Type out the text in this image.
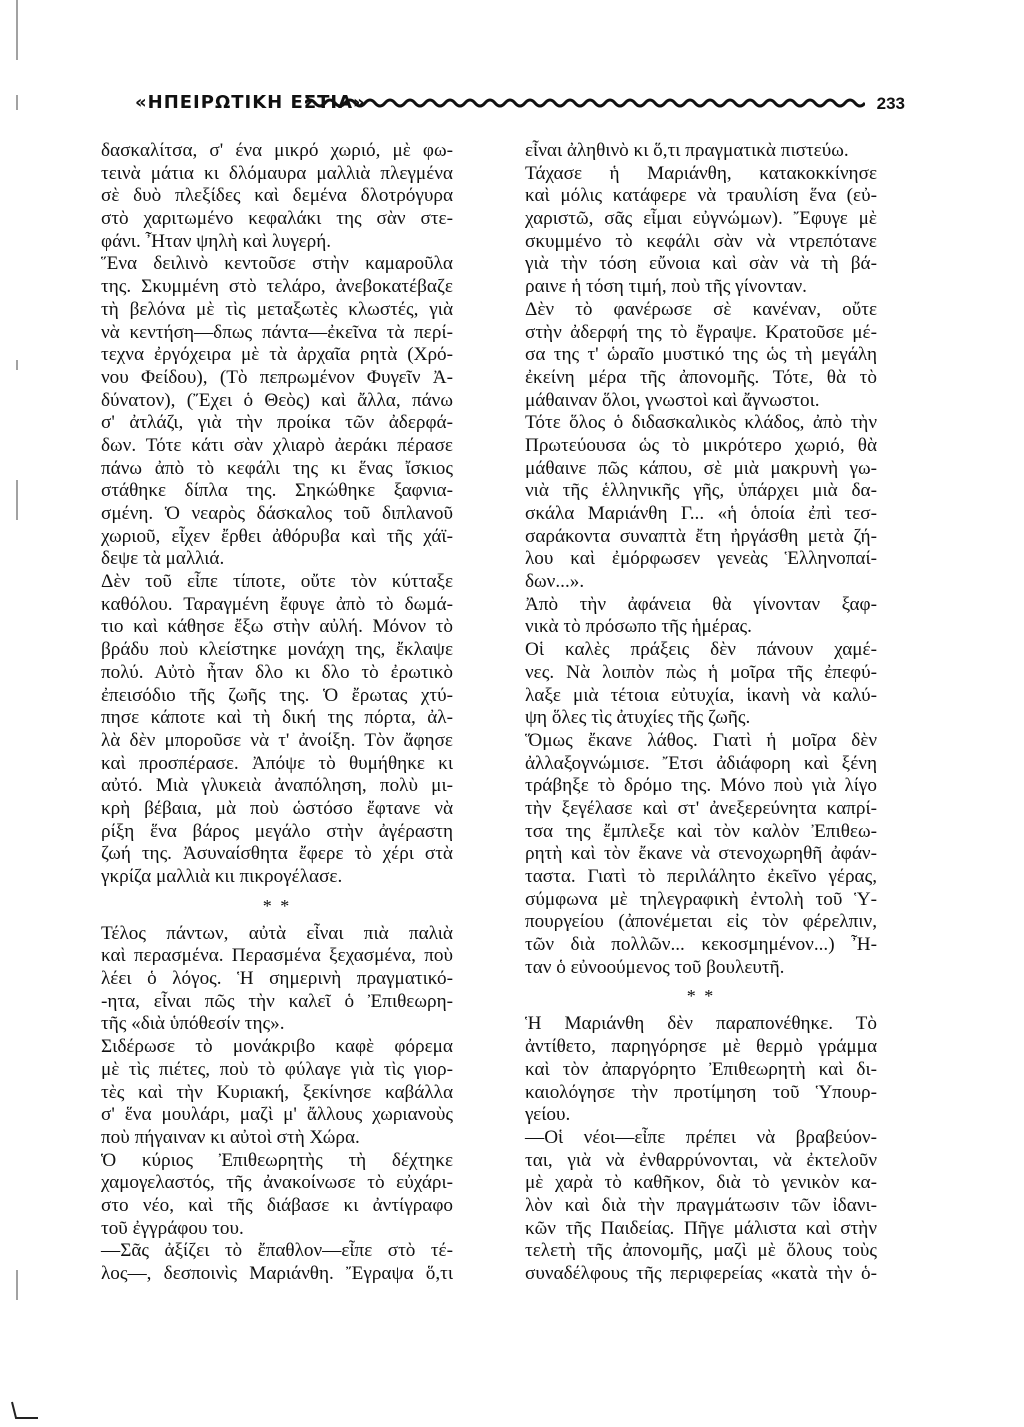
«ΗΠΕΙΡΩΤΙΚΗ ΕΣΤΙΑ»	233
δασκαλίτσα, σ' ένα μικρό χωριό, μὲ φω-
τεινὰ μάτια κι δλόμαυρα μαλλιὰ πλεγμένα
σὲ δυὸ πλεξίδες καὶ δεμένα δλοτρόγυρα
στὸ χαριτωμένο κεφαλάκι της σὰν στε-
φάνι. Ἦταν ψηλὴ καὶ λυγερή.
Ἕνα δειλινὸ κεντοῦσε στὴν καμαροῦλα
της. Σκυμμένη στὸ τελάρο, ἀνεβοκατέβαζε
τὴ βελόνα μὲ τὶς μεταξωτὲς κλωστές, γιὰ
νὰ κεντήση—δπως πάντα—ἐκεῖνα τὰ περί-
τεχνα ἐργόχειρα μὲ τὰ ἀρχαῖα ρητὰ (Χρό-
νου Φείδου), (Τὸ πεπρωμένον Φυγεῖν Ἀ-
δύνατον), (Ἔχει ὁ Θεὸς) καὶ ἄλλα, πάνω
σ' ἀτλάζι, γιὰ τὴν προίκα τῶν ἀδερφά-
δων. Τότε κάτι σὰν χλιαρὸ ἀεράκι πέρασε
πάνω ἀπὸ τὸ κεφάλι της κι ἕνας ἴσκιος
στάθηκε δίπλα της. Σηκώθηκε ξαφνια-
σμένη. Ὁ νεαρὸς δάσκαλος τοῦ διπλανοῦ
χωριοῦ, εἶχεν ἔρθει ἀθόρυβα καὶ τῆς χάϊ-
δεψε τὰ μαλλιά.
Δὲν τοῦ εἶπε τίποτε, οὔτε τὸν κύτταξε
καθόλου. Ταραγμένη ἔφυγε ἀπὸ τὸ δωμά-
τιο καὶ κάθησε ἔξω στὴν αὐλή. Μόνον τὸ
βράδυ ποὺ κλείστηκε μονάχη της, ἔκλαψε
πολύ. Αὐτὸ ἦταν δλο κι δλο τὸ ἐρωτικὸ
ἐπεισόδιο τῆς ζωῆς της. Ὁ ἔρωτας χτύ-
πησε κάποτε καὶ τὴ δική της πόρτα, ἀλ-
λὰ δὲν μποροῦσε νὰ τ' ἀνοίξη. Τὸν ἄφησε
καὶ προσπέρασε. Ἀπόψε τὸ θυμήθηκε κι
αὐτό. Μιὰ γλυκειὰ ἀναπόληση, πολὺ μι-
κρὴ βέβαια, μὰ ποὺ ὡστόσο ἔφτανε νὰ
ρίξη ἕνα βάρος μεγάλο στὴν ἀγέραστη
ζωή της. Ἀσυναίσθητα ἔφερε τὸ χέρι στὰ
γκρίζα μαλλιὰ κιι πικρογέλασε.
* *
Τέλος πάντων, αὐτὰ εἶναι πιὰ παλιὰ
καὶ περασμένα. Περασμένα ξεχασμένα, ποὺ
λέει ὁ λόγος. Ἡ σημερινὴ πραγματικό-
-ητα, εἶναι πῶς τὴν καλεῖ ὁ Ἐπιθεωρη-
τῆς «διὰ ὑπόθεσίν της».
Σιδέρωσε τὸ μονάκριβο καφὲ φόρεμα
μὲ τὶς πιέτες, ποὺ τὸ φύλαγε γιὰ τὶς γιορ-
τὲς καὶ τὴν Κυριακή, ξεκίνησε καβάλλα
σ' ἕνα μουλάρι, μαζὶ μ' ἄλλους χωριανοὺς
ποὺ πήγαιναν κι αὐτοὶ στὴ Χώρα.
Ὁ κύριος Ἐπιθεωρητὴς τὴ δέχτηκε
χαμογελαστός, τῆς ἀνακοίνωσε τὸ εὐχάρι-
στο νέο, καὶ τῆς διάβασε κι ἀντίγραφο
τοῦ ἐγγράφου του.
—Σᾶς ἀξίζει τὸ ἔπαθλον—εἶπε στὸ τέ-
λος—, δεσποινὶς Μαριάνθη. Ἔγραψα ὅ,τι
εἶναι ἀληθινὸ κι ὅ,τι πραγματικὰ πιστεύω.
Τάχασε ἡ Μαριάνθη, κατακοκκίνησε
καὶ μόλις κατάφερε νὰ τραυλίση ἕνα (εὐ-
χαριστῶ, σᾶς εἶμαι εὐγνώμων). Ἔφυγε μὲ
σκυμμένο τὸ κεφάλι σὰν νὰ ντρεπότανε
γιὰ τὴν τόση εὔνοια καὶ σὰν νὰ τὴ βά-
ραινε ἡ τόση τιμή, ποὺ τῆς γίνονταν.
Δὲν τὸ φανέρωσε σὲ κανέναν, οὔτε
στὴν ἀδερφή της τὸ ἔγραψε. Κρατοῦσε μέ-
σα της τ' ὡραῖο μυστικό της ὡς τὴ μεγάλη
ἐκείνη μέρα τῆς ἀπονομῆς. Τότε, θὰ τὸ
μάθαιναν ὅλοι, γνωστοὶ καὶ ἄγνωστοι.
Τότε ὅλος ὁ διδασκαλικὸς κλάδος, ἀπὸ τὴν
Πρωτεύουσα ὡς τὸ μικρότερο χωριό, θὰ
μάθαινε πῶς κάπου, σὲ μιὰ μακρυνὴ γω-
νιὰ τῆς ἑλληνικῆς γῆς, ὑπάρχει μιὰ δα-
σκάλα Μαριάνθη Γ... «ἡ ὁποία ἐπὶ τεσ-
σαράκοντα συναπτὰ ἔτη ἠργάσθη μετὰ ζή-
λου καὶ ἐμόρφωσεν γενεὰς Ἑλληνοπαί-
δων...».
Ἀπὸ τὴν ἀφάνεια θὰ γίνονταν ξαφ-
νικὰ τὸ πρόσωπο τῆς ἡμέρας.
Οἱ καλὲς πράξεις δὲν πάνουν χαμέ-
νες. Νὰ λοιπὸν πὼς ἡ μοῖρα τῆς ἐπεφύ-
λαξε μιὰ τέτοια εὐτυχία, ἱκανὴ νὰ καλύ-
ψη ὅλες τὶς ἀτυχίες τῆς ζωῆς.
Ὅμως ἔκανε λάθος. Γιατὶ ἡ μοῖρα δὲν
ἀλλαξογνώμισε. Ἔτσι ἀδιάφορη καὶ ξένη
τράβηξε τὸ δρόμο της. Μόνο ποὺ γιὰ λίγο
τὴν ξεγέλασε καὶ στ' ἀνεξερεύνητα καπρί-
τσα της ἔμπλεξε καὶ τὸν καλὸν Ἐπιθεω-
ρητὴ καὶ τὸν ἔκανε νὰ στενοχωρηθῆ ἀφάν-
ταστα. Γιατὶ τὸ περιλάλητο ἐκεῖνο γέρας,
σύμφωνα μὲ τηλεγραφικὴ ἐντολὴ τοῦ Ὑ-
πουργείου (ἀπονέμεται εἰς τὸν φέρελπιν,
τῶν διὰ πολλῶν... κεκοσμημένον...) Ἦ-
ταν ὁ εὐνοούμενος τοῦ βουλευτῆ.
* *
Ἡ Μαριάνθη δὲν παραπονέθηκε. Τὸ
ἀντίθετο, παρηγόρησε μὲ θερμὸ γράμμα
καὶ τὸν ἀπαργόρητο Ἐπιθεωρητὴ καὶ δι-
καιολόγησε τὴν προτίμηση τοῦ Ὑπουρ-
γείου.
—Οἱ νέοι—εἶπε πρέπει νὰ βραβεύον-
ται, γιὰ νὰ ἐνθαρρύνονται, νὰ ἐκτελοῦν
μὲ χαρὰ τὸ καθῆκον, διὰ τὸ γενικὸν κα-
λὸν καὶ διὰ τὴν πραγμάτωσιν τῶν ἰδανι-
κῶν τῆς Παιδείας. Πῆγε μάλιστα καὶ στὴν
τελετὴ τῆς ἀπονομῆς, μαζὶ μὲ ὅλους τοὺς
συναδέλφους τῆς περιφερείας «κατὰ τὴν ὁ-
